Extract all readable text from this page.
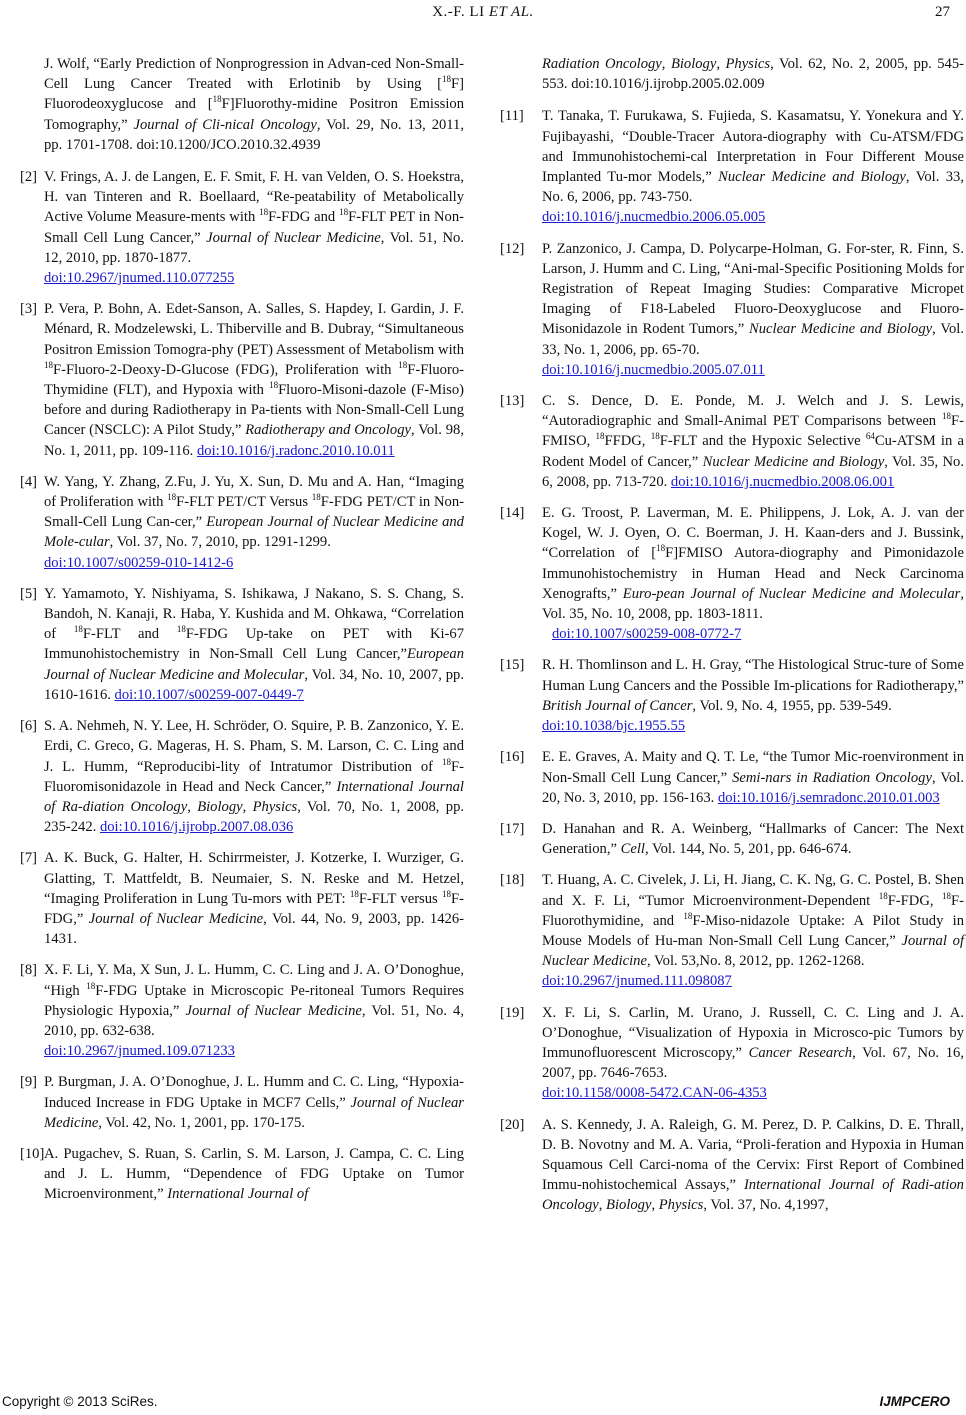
X.-F. LI ET AL.	27
J. Wolf, “Early Prediction of Nonprogression in Advan-ced Non-Small-Cell Lung Cancer Treated with Erlotinib by Using [$^{18}$F] Fluorodeoxyglucose and [$^{18}$F]Fluorothy-midine Positron Emission Tomography,” Journal of Cli-nical Oncology, Vol. 29, No. 13, 2011, pp. 1701-1708. doi:10.1200/JCO.2010.32.4939
[2] V. Frings, A. J. de Langen, E. F. Smit, F. H. van Velden, O. S. Hoekstra, H. van Tinteren and R. Boellaard, “Re-peatability of Metabolically Active Volume Measure-ments with $^{18}$F-FDG and $^{18}$F-FLT PET in Non-Small Cell Lung Cancer,” Journal of Nuclear Medicine, Vol. 51, No. 12, 2010, pp. 1870-1877.
doi:10.2967/jnumed.110.077255
[3] P. Vera, P. Bohn, A. Edet-Sanson, A. Salles, S. Hapdey, I. Gardin, J. F. Ménard, R. Modzelewski, L. Thiberville and B. Dubray, “Simultaneous Positron Emission Tomogra-phy (PET) Assessment of Metabolism with $^{18}$F-Fluoro-2-Deoxy-D-Glucose (FDG), Proliferation with $^{18}$F-Fluoro-Thymidine (FLT), and Hypoxia with $^{18}$Fluoro-Misoni-dazole (F-Miso) before and during Radiotherapy in Pa-tients with Non-Small-Cell Lung Cancer (NSCLC): A Pilot Study,” Radiotherapy and Oncology, Vol. 98, No. 1, 2011, pp. 109-116. doi:10.1016/j.radonc.2010.10.011
[4] W. Yang, Y. Zhang, Z.Fu, J. Yu, X. Sun, D. Mu and A. Han, “Imaging of Proliferation with $^{18}$F-FLT PET/CT Versus $^{18}$F-FDG PET/CT in Non-Small-Cell Lung Can-cer,” European Journal of Nuclear Medicine and Mole-cular, Vol. 37, No. 7, 2010, pp. 1291-1299.
doi:10.1007/s00259-010-1412-6
[5] Y. Yamamoto, Y. Nishiyama, S. Ishikawa, J Nakano, S. S. Chang, S. Bandoh, N. Kanaji, R. Haba, Y. Kushida and M. Ohkawa, “Correlation of $^{18}$F-FLT and $^{18}$F-FDG Up-take on PET with Ki-67 Immunohistochemistry in Non-Small Cell Lung Cancer,”European Journal of Nuclear Medicine and Molecular, Vol. 34, No. 10, 2007, pp. 1610-1616. doi:10.1007/s00259-007-0449-7
[6] S. A. Nehmeh, N. Y. Lee, H. Schröder, O. Squire, P. B. Zanzonico, Y. E. Erdi, C. Greco, G. Mageras, H. S. Pham, S. M. Larson, C. C. Ling and J. L. Humm, “Reproducibi-lity of Intratumor Distribution of $^{18}$F-Fluoromisonidazole in Head and Neck Cancer,” International Journal of Ra-diation Oncology, Biology, Physics, Vol. 70, No. 1, 2008, pp. 235-242. doi:10.1016/j.ijrobp.2007.08.036
[7] A. K. Buck, G. Halter, H. Schirrmeister, J. Kotzerke, I. Wurziger, G. Glatting, T. Mattfeldt, B. Neumaier, S. N. Reske and M. Hetzel, “Imaging Proliferation in Lung Tu-mors with PET: $^{18}$F-FLT versus $^{18}$F-FDG,” Journal of Nuclear Medicine, Vol. 44, No. 9, 2003, pp. 1426-1431.
[8] X. F. Li, Y. Ma, X Sun, J. L. Humm, C. C. Ling and J. A. O’Donoghue, “High $^{18}$F-FDG Uptake in Microscopic Pe-ritoneal Tumors Requires Physiologic Hypoxia,” Journal of Nuclear Medicine, Vol. 51, No. 4, 2010, pp. 632-638.
doi:10.2967/jnumed.109.071233
[9] P. Burgman, J. A. O’Donoghue, J. L. Humm and C. C. Ling, “Hypoxia-Induced Increase in FDG Uptake in MCF7 Cells,” Journal of Nuclear Medicine, Vol. 42, No. 1, 2001, pp. 170-175.
[10] A. Pugachev, S. Ruan, S. Carlin, S. M. Larson, J. Campa, C. C. Ling and J. L. Humm, “Dependence of FDG Uptake on Tumor Microenvironment,” International Journal of
Radiation Oncology, Biology, Physics, Vol. 62, No. 2, 2005, pp. 545-553. doi:10.1016/j.ijrobp.2005.02.009
[11] T. Tanaka, T. Furukawa, S. Fujieda, S. Kasamatsu, Y. Yonekura and Y. Fujibayashi, “Double-Tracer Autora-diography with Cu-ATSM/FDG and Immunohistochemi-cal Interpretation in Four Different Mouse Implanted Tu-mor Models,” Nuclear Medicine and Biology, Vol. 33, No. 6, 2006, pp. 743-750.
doi:10.1016/j.nucmedbio.2006.05.005
[12] P. Zanzonico, J. Campa, D. Polycarpe-Holman, G. For-ster, R. Finn, S. Larson, J. Humm and C. Ling, “Ani-mal-Specific Positioning Molds for Registration of Repeat Imaging Studies: Comparative Micropet Imaging of F18-Labeled Fluoro-Deoxyglucose and Fluoro-Misonidazole in Rodent Tumors,” Nuclear Medicine and Biology, Vol. 33, No. 1, 2006, pp. 65-70.
doi:10.1016/j.nucmedbio.2005.07.011
[13] C. S. Dence, D. E. Ponde, M. J. Welch and J. S. Lewis, “Autoradiographic and Small-Animal PET Comparisons between $^{18}$F-FMISO, $^{18}$FFDG, $^{18}$F-FLT and the Hypoxic Selective $^{64}$Cu-ATSM in a Rodent Model of Cancer,” Nuclear Medicine and Biology, Vol. 35, No. 6, 2008, pp. 713-720. doi:10.1016/j.nucmedbio.2008.06.001
[14] E. G. Troost, P. Laverman, M. E. Philippens, J. Lok, A. J. van der Kogel, W. J. Oyen, O. C. Boerman, J. H. Kaan-ders and J. Bussink, “Correlation of [$^{18}$F]FMISO Autora-diography and Pimonidazole Immunohistochemistry in Human Head and Neck Carcinoma Xenografts,” Euro-pean Journal of Nuclear Medicine and Molecular, Vol. 35, No. 10, 2008, pp. 1803-1811.
doi:10.1007/s00259-008-0772-7
[15] R. H. Thomlinson and L. H. Gray, “The Histological Struc-ture of Some Human Lung Cancers and the Possible Im-plications for Radiotherapy,” British Journal of Cancer, Vol. 9, No. 4, 1955, pp. 539-549.
doi:10.1038/bjc.1955.55
[16] E. E. Graves, A. Maity and Q. T. Le, “the Tumor Mic-roenvironment in Non-Small Cell Lung Cancer,” Semi-nars in Radiation Oncology, Vol. 20, No. 3, 2010, pp. 156-163. doi:10.1016/j.semradonc.2010.01.003
[17] D. Hanahan and R. A. Weinberg, “Hallmarks of Cancer: The Next Generation,” Cell, Vol. 144, No. 5, 201, pp. 646-674.
[18] T. Huang, A. C. Civelek, J. Li, H. Jiang, C. K. Ng, G. C. Postel, B. Shen and X. F. Li, “Tumor Microenvironment-Dependent $^{18}$F-FDG, $^{18}$F-Fluorothymidine, and $^{18}$F-Miso-nidazole Uptake: A Pilot Study in Mouse Models of Hu-man Non-Small Cell Lung Cancer,” Journal of Nuclear Medicine, Vol. 53,No. 8, 2012, pp. 1262-1268.
doi:10.2967/jnumed.111.098087
[19] X. F. Li, S. Carlin, M. Urano, J. Russell, C. C. Ling and J. A. O’Donoghue, “Visualization of Hypoxia in Microsco-pic Tumors by Immunofluorescent Microscopy,” Cancer Research, Vol. 67, No. 16, 2007, pp. 7646-7653.
doi:10.1158/0008-5472.CAN-06-4353
[20] A. S. Kennedy, J. A. Raleigh, G. M. Perez, D. P. Calkins, D. E. Thrall, D. B. Novotny and M. A. Varia, “Proli-feration and Hypoxia in Human Squamous Cell Carci-noma of the Cervix: First Report of Combined Immu-nohistochemical Assays,” International Journal of Radi-ation Oncology, Biology, Physics, Vol. 37, No. 4,1997,
Copyright © 2013 SciRes.	IJMPCERO
